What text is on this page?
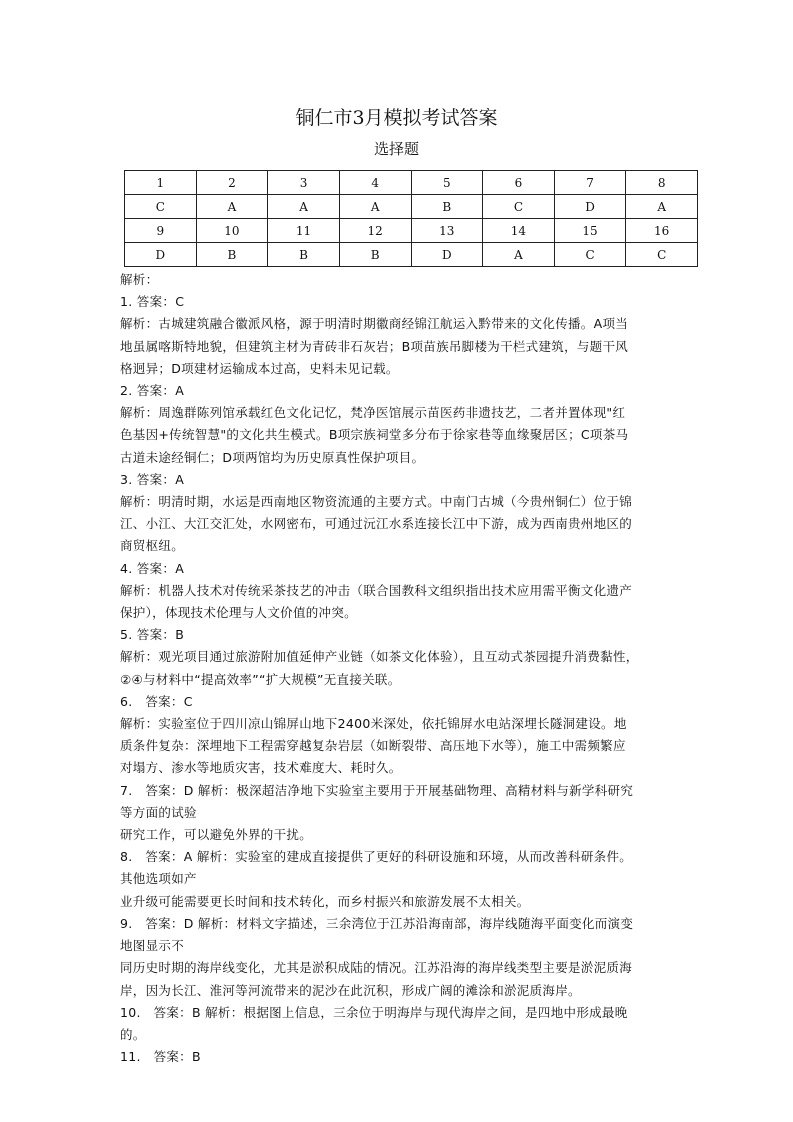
铜仁市3月模拟考试答案
选择题
1	2	3	4	5	6	7	8
C	A	A	A	B	C	D	A
9	10	11	12	13	14	15	16
D	B	B	B	D	A	C	C

解析：

1. 答案：C

解析：古城建筑融合徽派风格，源于明清时期徽商经锦江航运入黔带来的文化传播。A项当

地虽属喀斯特地貌，但建筑主材为青砖非石灰岩；B项苗族吊脚楼为干栏式建筑，与题干风

格迥异；D项建材运输成本过高，史料未见记载。

2. 答案：A

解析：周逸群陈列馆承载红色文化记忆，梵净医馆展示苗医药非遗技艺，二者并置体现"红

色基因+传统智慧"的文化共生模式。B项宗族祠堂多分布于徐家巷等血缘聚居区；C项茶马

古道未途经铜仁；D项两馆均为历史原真性保护项目。

3. 答案：A

解析：明清时期，水运是西南地区物资流通的主要方式。中南门古城（今贵州铜仁）位于锦

江、小江、大江交汇处，水网密布，可通过沅江水系连接长江中下游，成为西南贵州地区的

商贸枢纽。

4. 答案：A

解析：机器人技术对传统采茶技艺的冲击（联合国教科文组织指出技术应用需平衡文化遗产

保护），体现技术伦理与人文价值的冲突。

5. 答案：B

解析：观光项目通过旅游附加值延伸产业链（如茶文化体验），且互动式茶园提升消费黏性，

②④与材料中“提高效率”“扩大规模”无直接关联。

6.　答案：C

解析：实验室位于四川凉山锦屏山地下2400米深处，依托锦屏水电站深埋长隧洞建设。地

质条件复杂：深埋地下工程需穿越复杂岩层（如断裂带、高压地下水等），施工中需频繁应

对塌方、渗水等地质灾害，技术难度大、耗时久。

7.　答案：D 解析：极深超洁净地下实验室主要用于开展基础物理、高精材料与新学科研究

等方面的试验

研究工作，可以避免外界的干扰。

8.　答案：A 解析：实验室的建成直接提供了更好的科研设施和环境，从而改善科研条件。

其他选项如产

业升级可能需要更长时间和技术转化，而乡村振兴和旅游发展不太相关。

9.　答案：D 解析：材料文字描述，三余湾位于江苏沿海南部，海岸线随海平面变化而演变

地图显示不

同历史时期的海岸线变化，尤其是淤积成陆的情况。江苏沿海的海岸线类型主要是淤泥质海

岸，因为长江、淮河等河流带来的泥沙在此沉积，形成广阔的滩涂和淤泥质海岸。

10.　答案：B 解析：根据图上信息，三余位于明海岸与现代海岸之间，是四地中形成最晚

的。

11.　答案：B
